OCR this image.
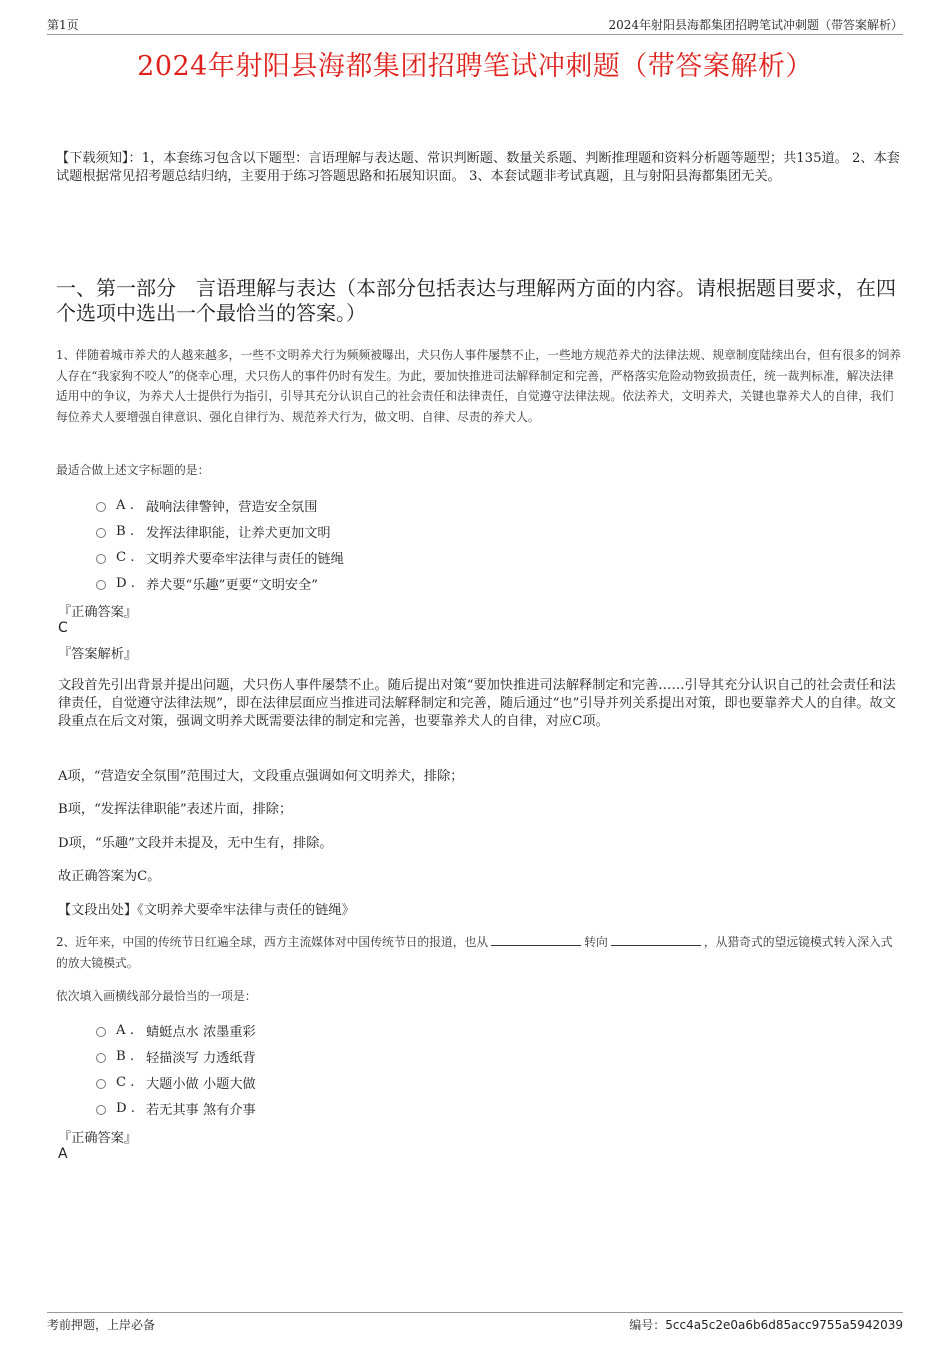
第1页	2024年射阳县海都集团招聘笔试冲刺题（带答案解析）
2024年射阳县海都集团招聘笔试冲刺题（带答案解析）
【下载须知】：1，本套练习包含以下题型：言语理解与表达题、常识判断题、数量关系题、判断推理题和资料分析题等题型；共135道。 2、本套试题根据常见招考题总结归纳，主要用于练习答题思路和拓展知识面。 3、本套试题非考试真题，且与射阳县海都集团无关。
一、第一部分　言语理解与表达（本部分包括表达与理解两方面的内容。请根据题目要求，在四个选项中选出一个最恰当的答案。）
1、伴随着城市养犬的人越来越多，一些不文明养犬行为频频被曝出，犬只伤人事件屡禁不止，一些地方规范养犬的法律法规、规章制度陆续出台，但有很多的饲养人存在“我家狗不咬人”的侥幸心理，犬只伤人的事件仍时有发生。为此，要加快推进司法解释制定和完善，严格落实危险动物致损责任，统一裁判标准，解决法律适用中的争议，为养犬人士提供行为指引，引导其充分认识自己的社会责任和法律责任，自觉遵守法律法规。依法养犬，文明养犬，关键也靠养犬人的自律，我们每位养犬人要增强自律意识、强化自律行为、规范养犬行为，做文明、自律、尽责的养犬人。
最适合做上述文字标题的是：
A . 敲响法律警钟，营造安全氛围
B . 发挥法律职能，让养犬更加文明
C . 文明养犬要牵牢法律与责任的链绳
D . 养犬要“乐趣”更要“文明安全”
『正确答案』
C
『答案解析』
文段首先引出背景并提出问题，犬只伤人事件屡禁不止。随后提出对策“要加快推进司法解释制定和完善……引导其充分认识自己的社会责任和法律责任，自觉遵守法律法规”，即在法律层面应当推进司法解释制定和完善，随后通过“也”引导并列关系提出对策，即也要靠养犬人的自律。故文段重点在后文对策，强调文明养犬既需要法律的制定和完善，也要靠养犬人的自律，对应C项。
A项，“营造安全氛围”范围过大，文段重点强调如何文明养犬，排除；
B项，“发挥法律职能”表述片面，排除；
D项，“乐趣”文段并未提及，无中生有，排除。
故正确答案为C。
【文段出处】《文明养犬要牵牢法律与责任的链绳》
2、近年来，中国的传统节日红遍全球，西方主流媒体对中国传统节日的报道，也从	转向	，从猎奇式的望远镜模式转入深入式的放大镜模式。
依次填入画横线部分最恰当的一项是：
A . 蜻蜓点水 浓墨重彩
B . 轻描淡写 力透纸背
C . 大题小做 小题大做
D . 若无其事 煞有介事
『正确答案』
A
考前押题，上岸必备	编号：5cc4a5c2e0a6b6d85acc9755a5942039
